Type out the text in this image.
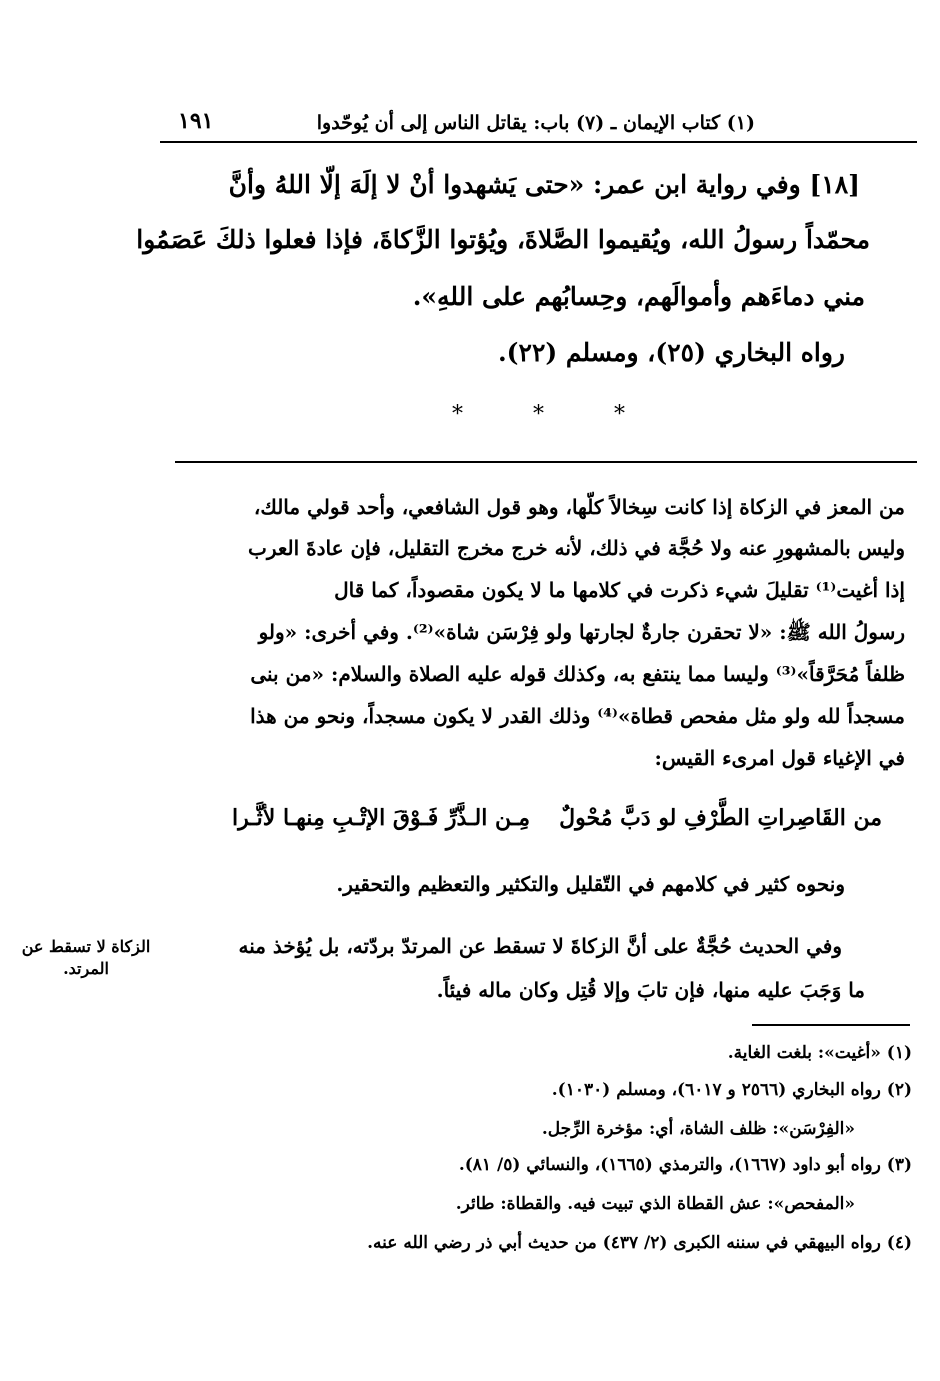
(١) كتاب الإيمان ـ (٧) باب: يقاتل الناس إلى أن يُوحّدوا
١٩١
[١٨] وفي رواية ابن عمر: «حتى يَشهدوا أنْ لا إلَهَ إلّا اللهُ وأنَّ
محمّداً رسولُ الله، ويُقيموا الصَّلاةَ، ويُؤتوا الزَّكاةَ، فإذا فعلوا ذلكَ عَصَمُوا
مني دماءَهم وأموالَهم، وحِسابُهم على اللهِ».
رواه البخاري (٢٥)، ومسلم (٢٢).
*	*	*
من المعز في الزكاة إذا كانت سِخالاً كلّها، وهو قول الشافعي، وأحد قولي مالك،
وليس بالمشهورِ عنه ولا حُجَّة في ذلك، لأنه خرج مخرج التقليل، فإن عادةَ العرب
إذا أغيت⁽¹⁾ تقليلَ شيء ذكرت في كلامها ما لا يكون مقصوداً، كما قال
رسولُ الله ﷺ: «لا تحقرن جارةٌ لجارتها ولو فِرْسَن شاة»⁽²⁾. وفي أخرى: «ولو
ظلفاً مُحَرَّقاً»⁽³⁾ وليسا مما ينتفع به، وكذلك قوله عليه الصلاة والسلام: «من بنى
مسجداً لله ولو مثل مفحص قطاة»⁽⁴⁾ وذلك القدر لا يكون مسجداً، ونحو من هذا
في الإغياء قول امرىء القيس:
من القَاصِراتِ الطَّرْفِ لو دَبَّ مُحْولٌ
مِـن الـذَّرِّ فَـوْقَ الإتْـبِ مِنهـا لأثَّـرا
ونحوه كثير في كلامهم في التّقليل والتكثير والتعظيم والتحقير.
وفي الحديث حُجَّةٌ على أنَّ الزكاةَ لا تسقط عن المرتدّ بردّته، بل يُؤخذ منه
ما وَجَبَ عليه منها، فإن تابَ وإلا قُتِل وكان ماله فيئاً.
الزكاة لا تسقط عن المرتد.
(١) «أغيت»: بلغت الغاية.
(٢) رواه البخاري (٢٥٦٦ و ٦٠١٧)، ومسلم (١٠٣٠).
«الفِرْسَن»: ظلف الشاة، أي: مؤخرة الرِّجل.
(٣) رواه أبو داود (١٦٦٧)، والترمذي (١٦٦٥)، والنسائي (٥/ ٨١).
«المفحص»: عش القطاة الذي تبيت فيه. والقطاة: طائر.
(٤) رواه البيهقي في سننه الكبرى (٢/ ٤٣٧) من حديث أبي ذر رضي الله عنه.
